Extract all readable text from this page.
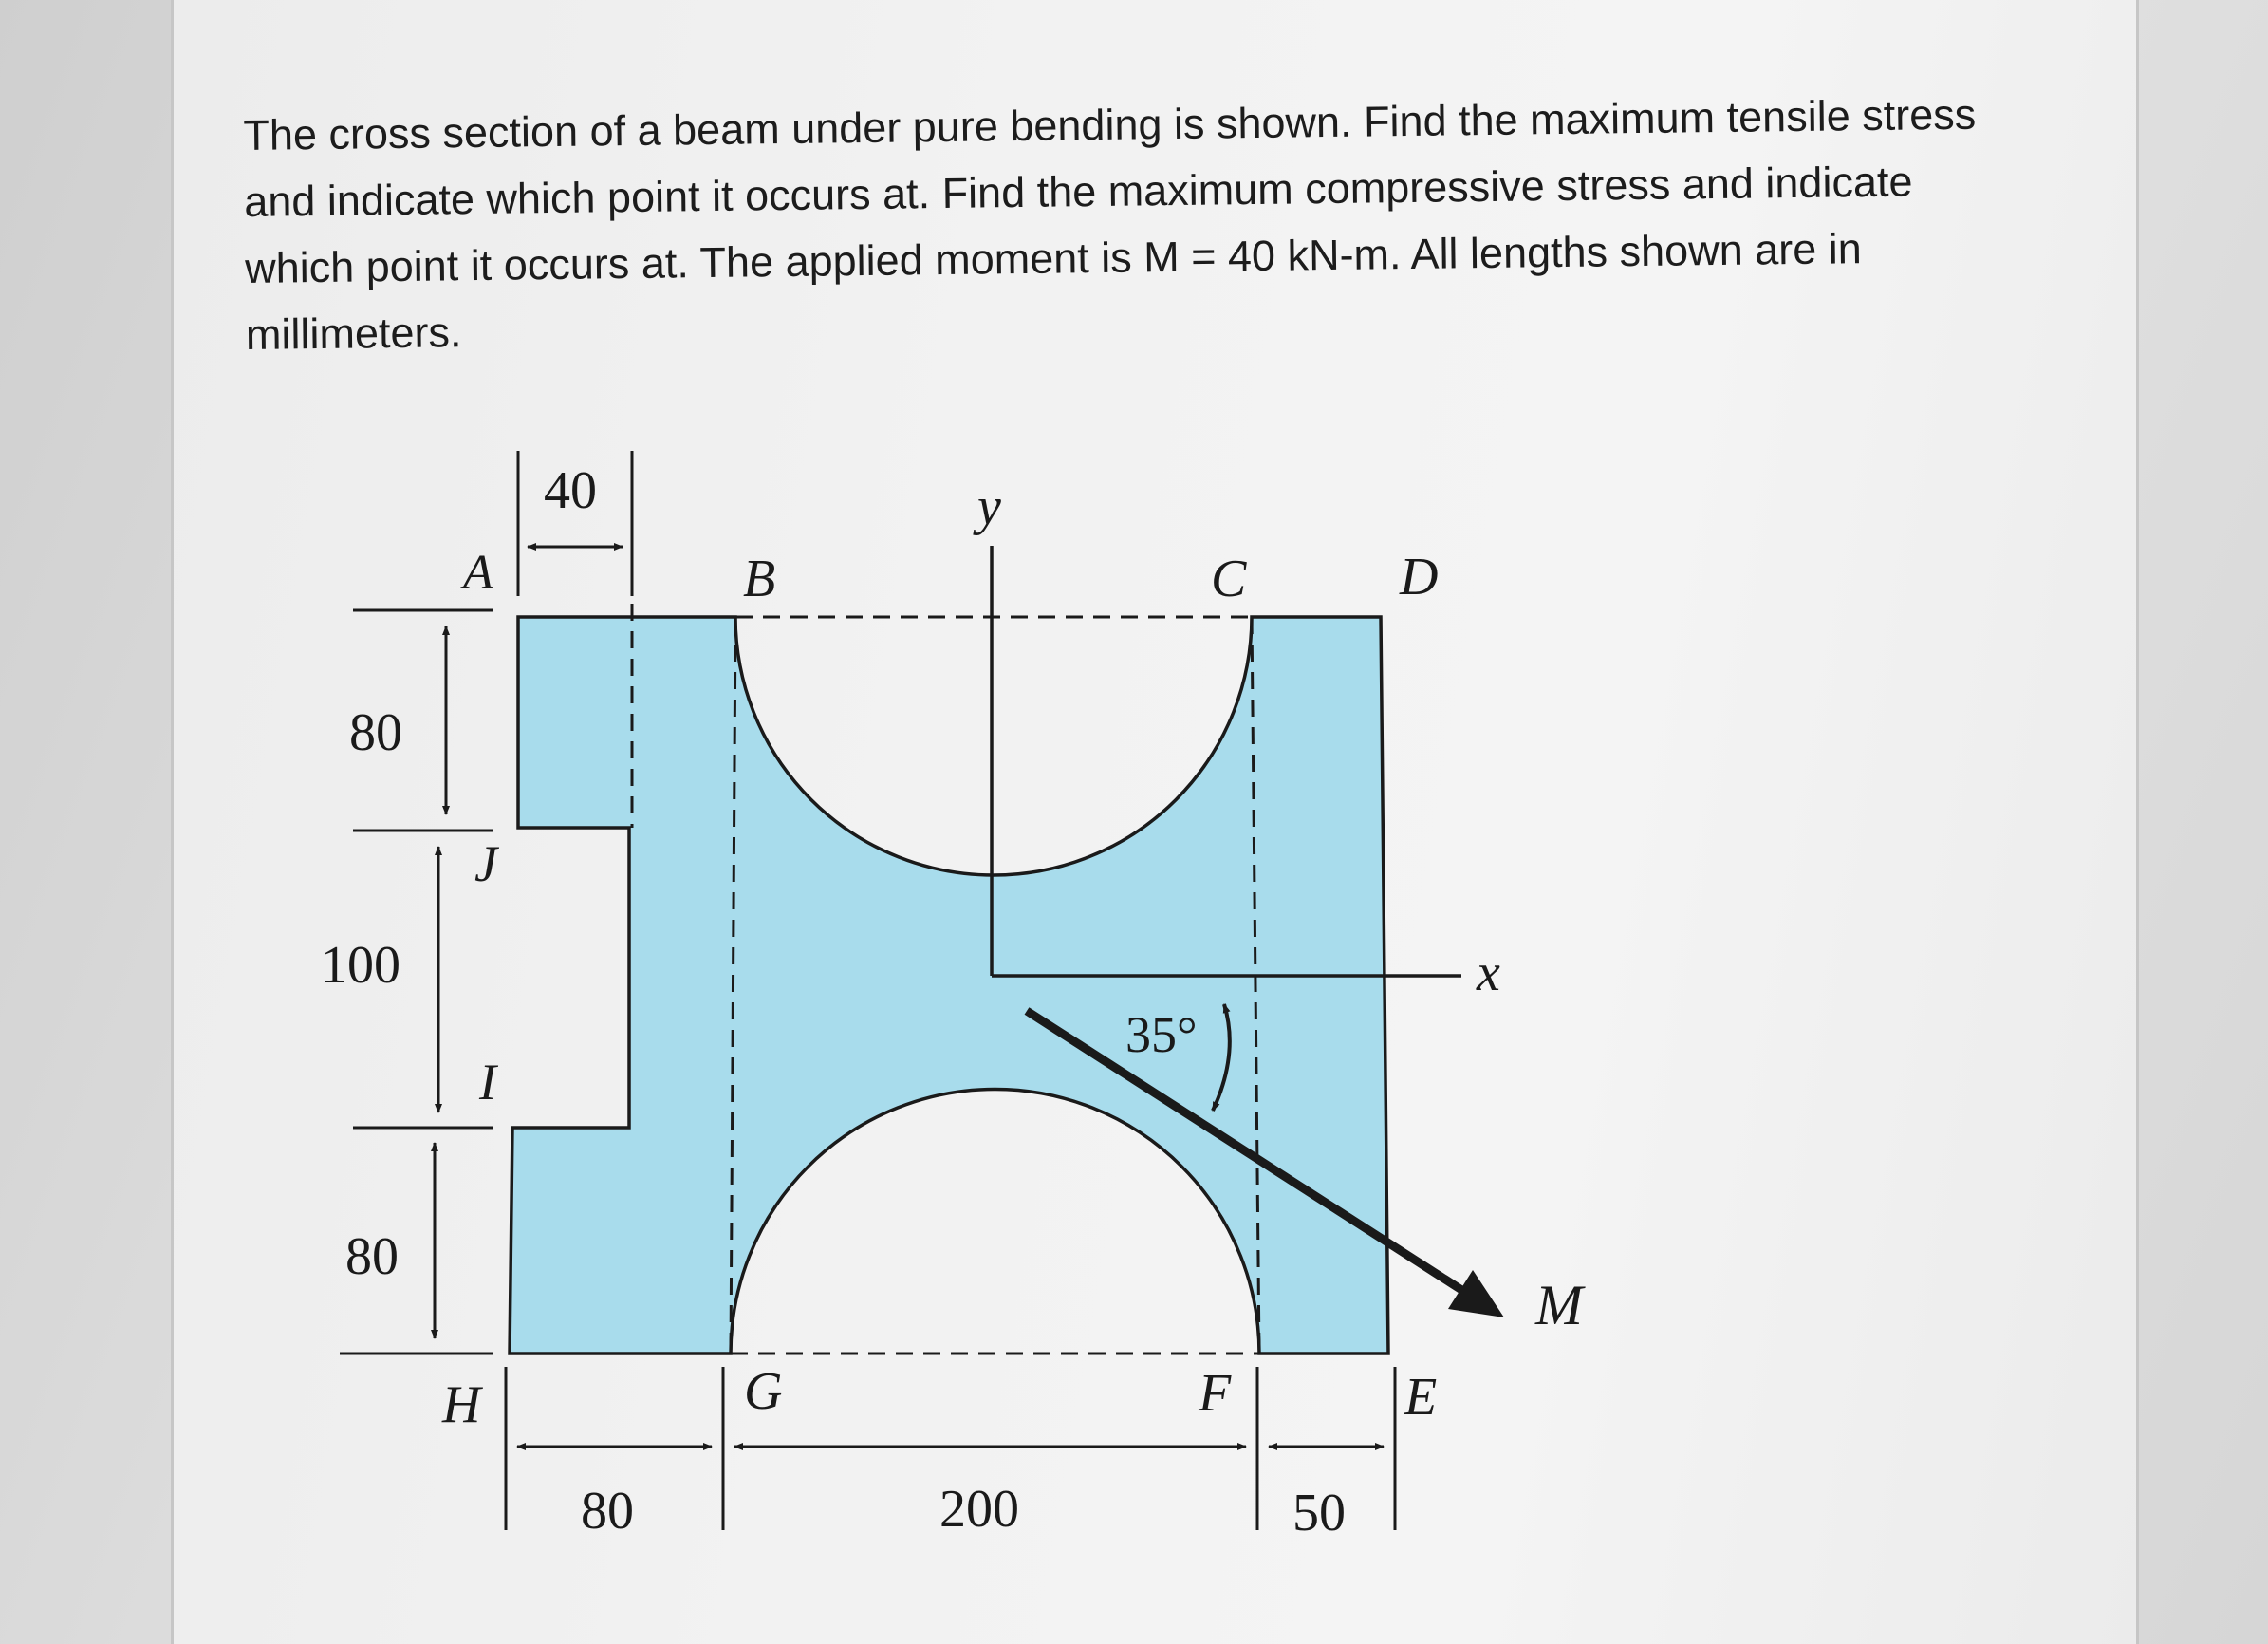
The cross section of a beam under pure bending is shown. Find the maximum tensile stress

and indicate which point it occurs at. Find the maximum compressive stress and indicate

which point it occurs at. The applied moment is M = 40 kN-m. All lengths shown are in

millimeters.

A	B	C	D
E
F
G
H
I
J
y
x
M
35°
40
80
100
80
80	200	50
